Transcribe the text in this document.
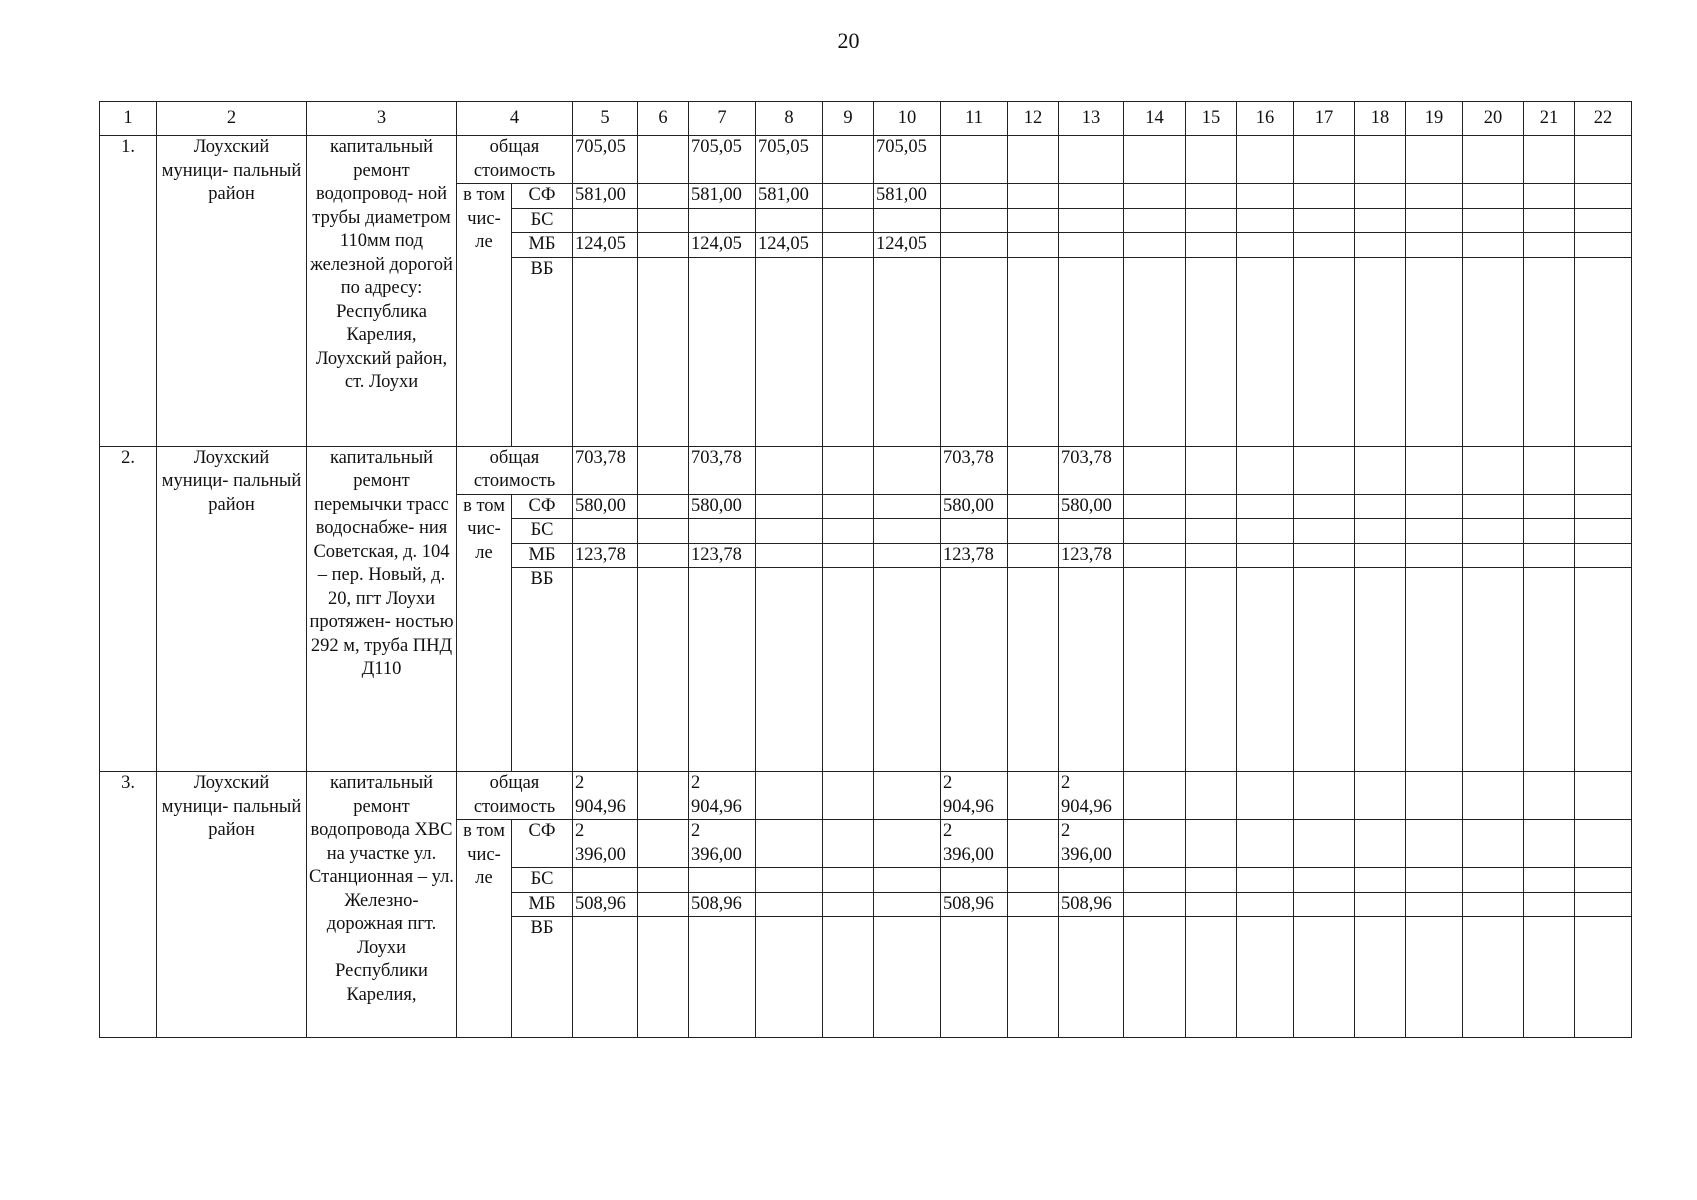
20
1	2	3	4		5	6	7	8	9	10	11	12	13	14	15	16	17	18	19	20	21	22
1.	Лоухский муници- пальный район	капитальный ремонт водопровод- ной трубы диаметром 110мм под железной дорогой по адресу: Республика Карелия, Лоухский район, ст. Лоухи	общая стоимость		705,05		705,05	705,05		705,05												
			в том чис- ле	СФ	581,00		581,00	581,00		581,00												
				БС																		
				МБ	124,05		124,05	124,05		124,05												
				ВБ																		
2.	Лоухский муници- пальный район	капитальный ремонт перемычки трасс водоснабже- ния Советская, д. 104 – пер. Новый, д. 20, пгт Лоухи протяжен- ностью 292 м, труба ПНД Д110	общая стоимость		703,78		703,78				703,78		703,78									
			в том чис- ле	СФ	580,00		580,00				580,00		580,00									
				БС																		
				МБ	123,78		123,78				123,78		123,78									
				ВБ																		
3.	Лоухский муници- пальный район	капитальный ремонт водопровода ХВС на участке ул. Станционная – ул. Железно- дорожная пгт. Лоухи Республики Карелия,	общая стоимость		2 904,96		2 904,96				2 904,96		2 904,96									
			в том чис- ле	СФ	2 396,00		2 396,00				2 396,00		2 396,00									
				БС																		
				МБ	508,96		508,96				508,96		508,96									
				ВБ																		
